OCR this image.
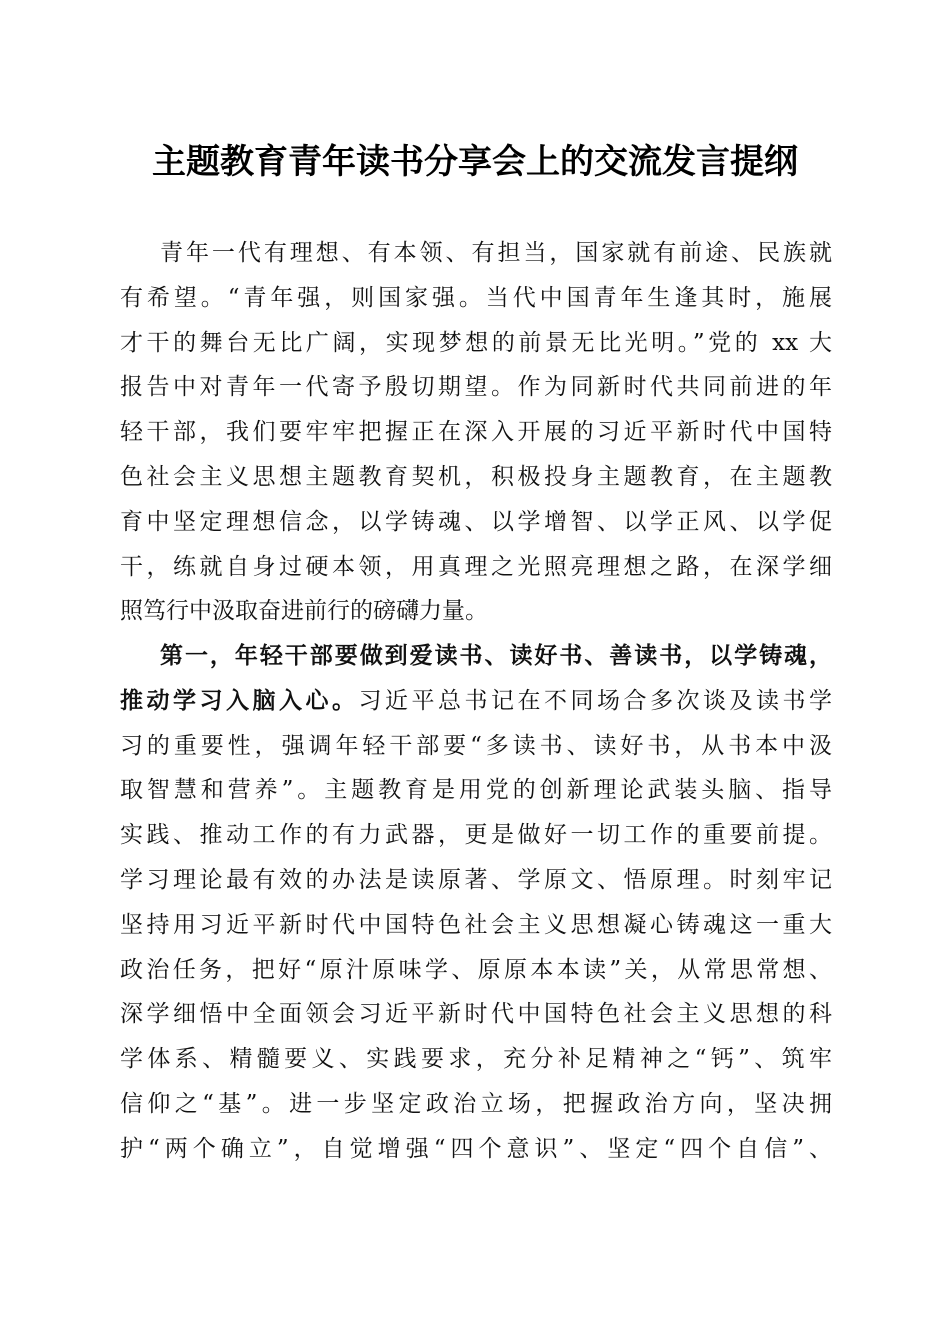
主题教育青年读书分享会上的交流发言提纲
青年一代有理想、有本领、有担当，国家就有前途、民族就
有希望。“青年强，则国家强。当代中国青年生逢其时，施展
才干的舞台无比广阔，实现梦想的前景无比光明。”党的 xx 大
报告中对青年一代寄予殷切期望。作为同新时代共同前进的年
轻干部，我们要牢牢把握正在深入开展的习近平新时代中国特
色社会主义思想主题教育契机，积极投身主题教育，在主题教
育中坚定理想信念，以学铸魂、以学增智、以学正风、以学促
干，练就自身过硬本领，用真理之光照亮理想之路，在深学细
照笃行中汲取奋进前行的磅礴力量。
第一，年轻干部要做到爱读书、读好书、善读书，以学铸魂，
推动学习入脑入心。习近平总书记在不同场合多次谈及读书学
习的重要性，强调年轻干部要“多读书、读好书，从书本中汲
取智慧和营养”。主题教育是用党的创新理论武装头脑、指导
实践、推动工作的有力武器，更是做好一切工作的重要前提。
学习理论最有效的办法是读原著、学原文、悟原理。时刻牢记
坚持用习近平新时代中国特色社会主义思想凝心铸魂这一重大
政治任务，把好“原汁原味学、原原本本读”关，从常思常想、
深学细悟中全面领会习近平新时代中国特色社会主义思想的科
学体系、精髓要义、实践要求，充分补足精神之“钙”、筑牢
信仰之“基”。进一步坚定政治立场，把握政治方向，坚决拥
护“两个确立”，自觉增强“四个意识”、坚定“四个自信”、
